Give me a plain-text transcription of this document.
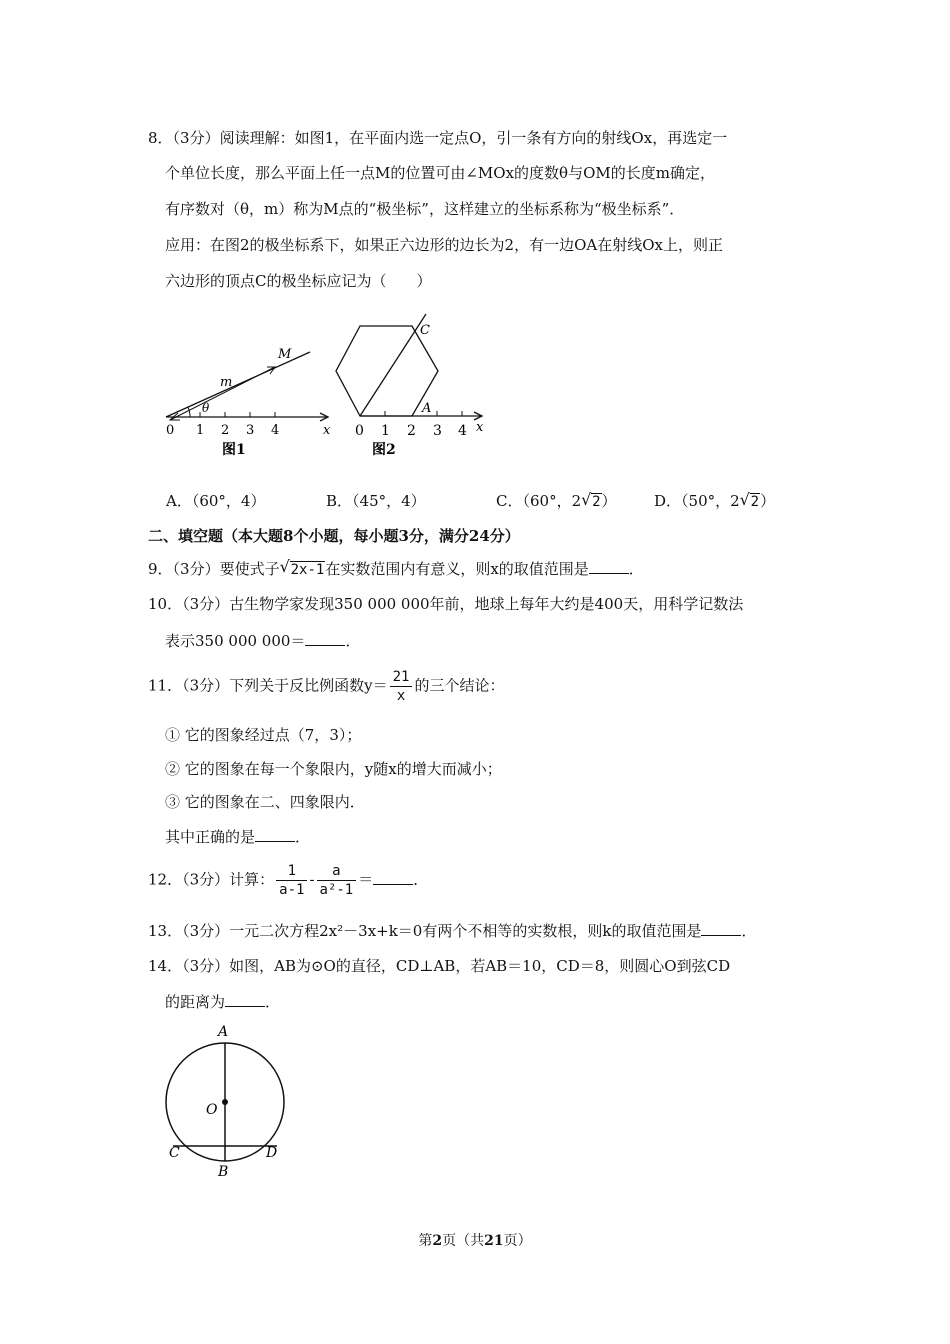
8．（3分）阅读理解：如图1，在平面内选一定点O，引一条有方向的射线Ox，再选定一
个单位长度，那么平面上任一点M的位置可由∠MOx的度数θ与OM的长度m确定，
有序数对（θ，m）称为M点的“极坐标”，这样建立的坐标系称为“极坐标系”．
应用：在图2的极坐标系下，如果正六边形的边长为2，有一边OA在射线Ox上，则正
六边形的顶点C的极坐标应记为（　　）
M
m
θ
0 1 2 3 4	x
图1
C
A
0 1 2 3 4 x
图2
A．（60°，4）	B．（45°，4）	C．（60°，2 √ 2） D．（50°，2 √ 2）
二、填空题（本大题8个小题，每小题3分，满分24分）
9．（3分）要使式子 √ 2x-1在实数范围内有意义，则x的取值范围是	．
10．（3分）古生物学家发现350 000 000年前，地球上每年大约是400天，用科学记数法
表示350 000 000＝	．
11．（3分）下列关于反比例函数$y= \frac{21}{x}$ 的三个结论：
① 它的图象经过点（7，3）；
② 它的图象在每一个象限内，y随x的增大而减小；
③ 它的图象在二、四象限内．
其中正确的是	．
12．（3分）计算： $\frac{1}{a-1} - \frac{a}{\text{a²-1}}$ ＝	．
13．（3分）一元二次方程2x²－3x+k＝0有两个不相等的实数根，则k的取值范围是	．
14．（3分）如图，AB为⊙O的直径，CD⊥AB，若AB＝10，CD＝8，则圆心O到弦CD
的距离为	．
A
O
B
C	D
第2页（共21页）
